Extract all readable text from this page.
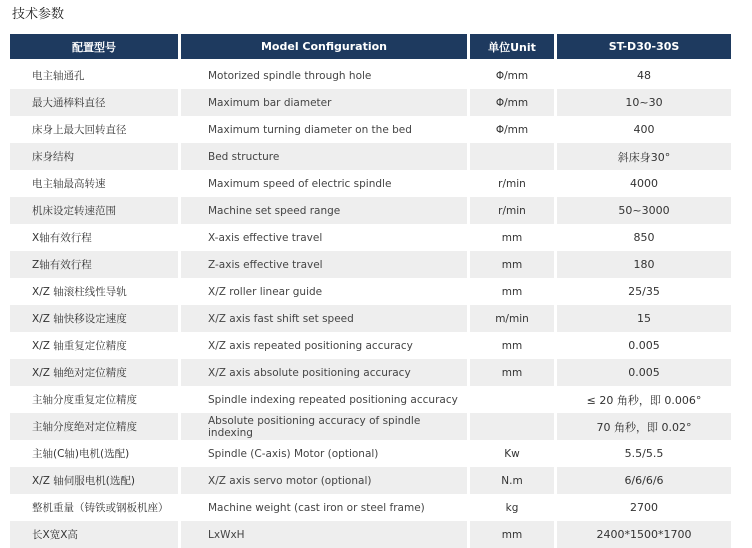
技术参数
配置型号	Model Configuration	单位Unit	ST-D30-30S
电主轴通孔	Motorized spindle through hole	Φ/mm	48
最大通棒料直径	Maximum bar diameter	Φ/mm	10~30
床身上最大回转直径	Maximum turning diameter on the bed	Φ/mm	400
床身结构	Bed structure		斜床身30°
电主轴最高转速	Maximum speed of electric spindle	r/min	4000
机床设定转速范围	Machine set speed range	r/min	50~3000
X轴有效行程	X-axis effective travel	mm	850
Z轴有效行程	Z-axis effective travel	mm	180
X/Z 轴滚柱线性导轨	X/Z roller linear guide	mm	25/35
X/Z 轴快移设定速度	X/Z axis fast shift set speed	m/min	15
X/Z 轴重复定位精度	X/Z axis repeated positioning accuracy	mm	0.005
X/Z 轴绝对定位精度	X/Z axis absolute positioning accuracy	mm	0.005
主轴分度重复定位精度	Spindle indexing repeated positioning accuracy		≤ 20 角秒，即 0.006°
主轴分度绝对定位精度	Absolute positioning accuracy of spindle indexing		70 角秒，即 0.02°
主轴(C轴)电机(选配)	Spindle (C-axis) Motor (optional)	Kw	5.5/5.5
X/Z 轴伺服电机(选配)	X/Z axis servo motor (optional)	N.m	6/6/6/6
整机重量（铸铁或钢板机座）	Machine weight (cast iron or steel frame)	kg	2700
长X宽X高	LxWxH	mm	2400*1500*1700
